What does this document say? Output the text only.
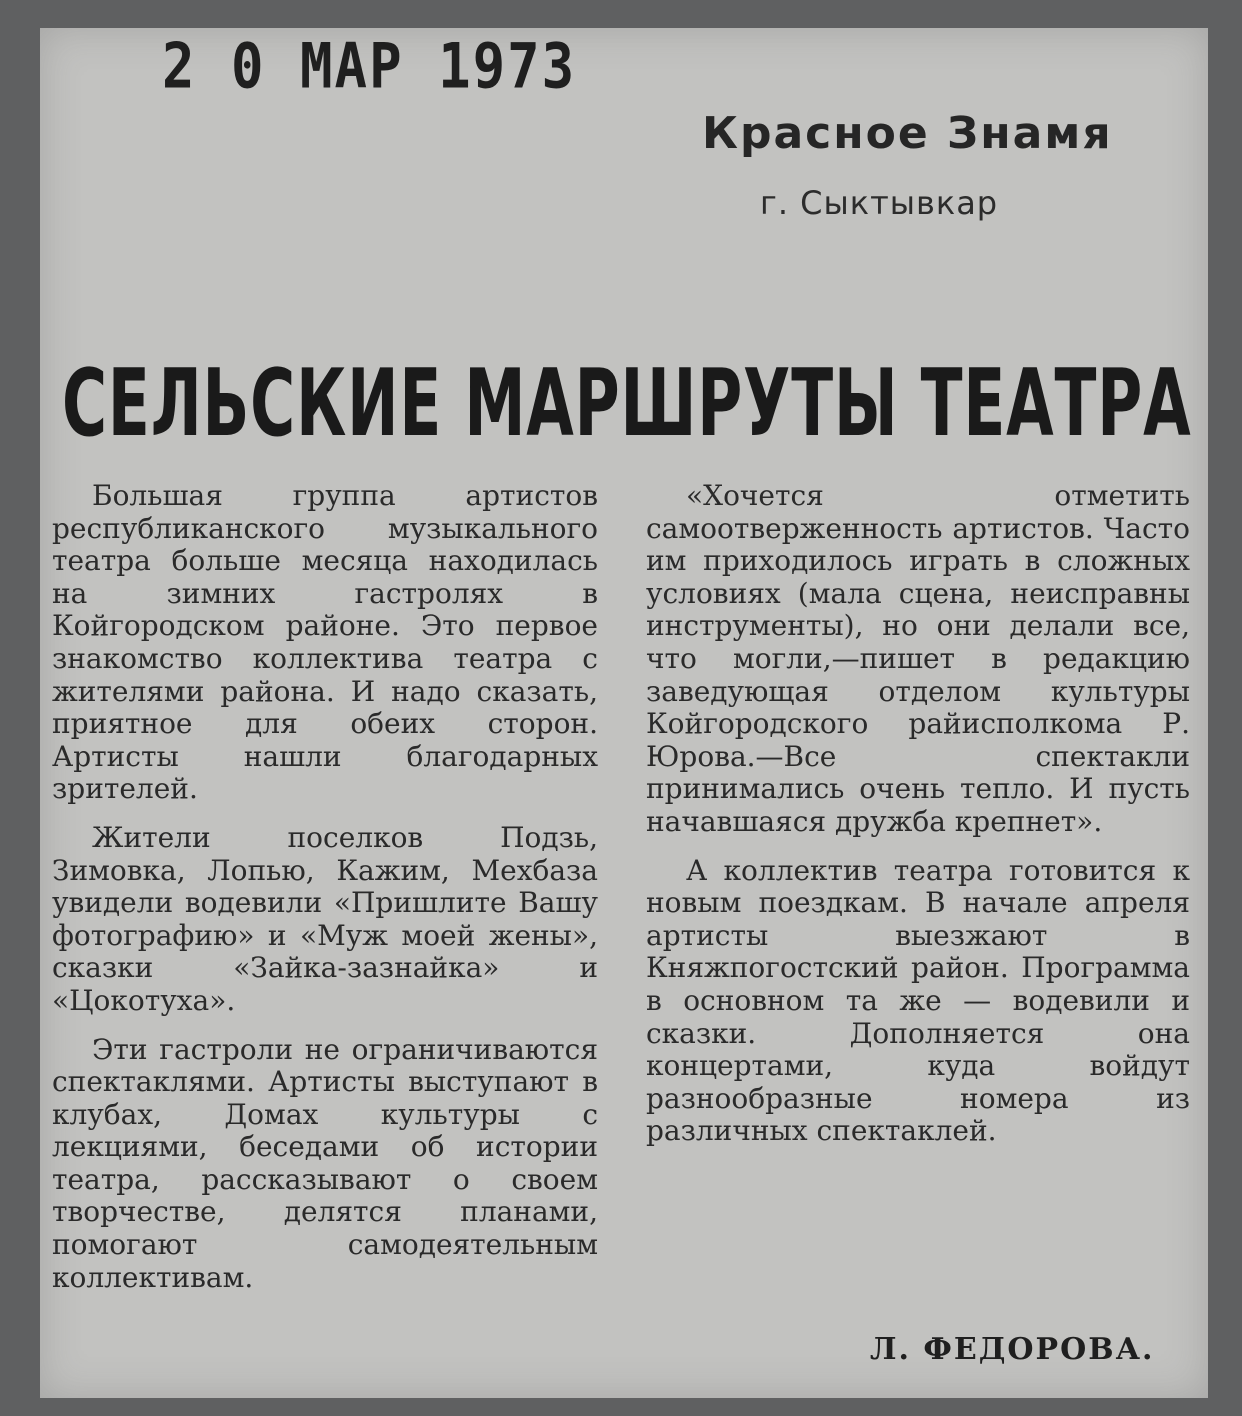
2 0 МАР 1973
Красное Знамя
г. Сыктывкар
СЕЛЬСКИЕ МАРШРУТЫ ТЕАТРА

Большая группа артистов республиканского музыкального театра больше месяца находилась на зимних гастролях в Койгородском районе. Это первое знакомство коллектива театра с жителями района. И надо сказать, приятное для обеих сторон. Артисты нашли благодарных зрителей.

Жители поселков Подзь, Зимовка, Лопью, Кажим, Мехбаза увидели водевили «Пришлите Вашу фотографию» и «Муж моей жены», сказки «Зайка-зазнайка» и «Цокотуха».

Эти гастроли не ограничиваются спектаклями. Артисты выступают в клубах, Домах культуры с лекциями, беседами об истории театра, рассказывают о своем творчестве, делятся планами, помогают самодеятельным коллективам.

«Хочется отметить самоотверженность артистов. Часто им приходилось играть в сложных условиях (мала сцена, неисправны инструменты), но они делали все, что могли,—пишет в редакцию заведующая отделом культуры Койгородского райисполкома Р. Юрова.—Все спектакли принимались очень тепло. И пусть начавшаяся дружба крепнет».

А коллектив театра готовится к новым поездкам. В начале апреля артисты выезжают в Княжпогостский район. Программа в основном та же — водевили и сказки. Дополняется она концертами, куда войдут разнообразные номера из различных спектаклей.

Л. ФЕДОРОВА.
